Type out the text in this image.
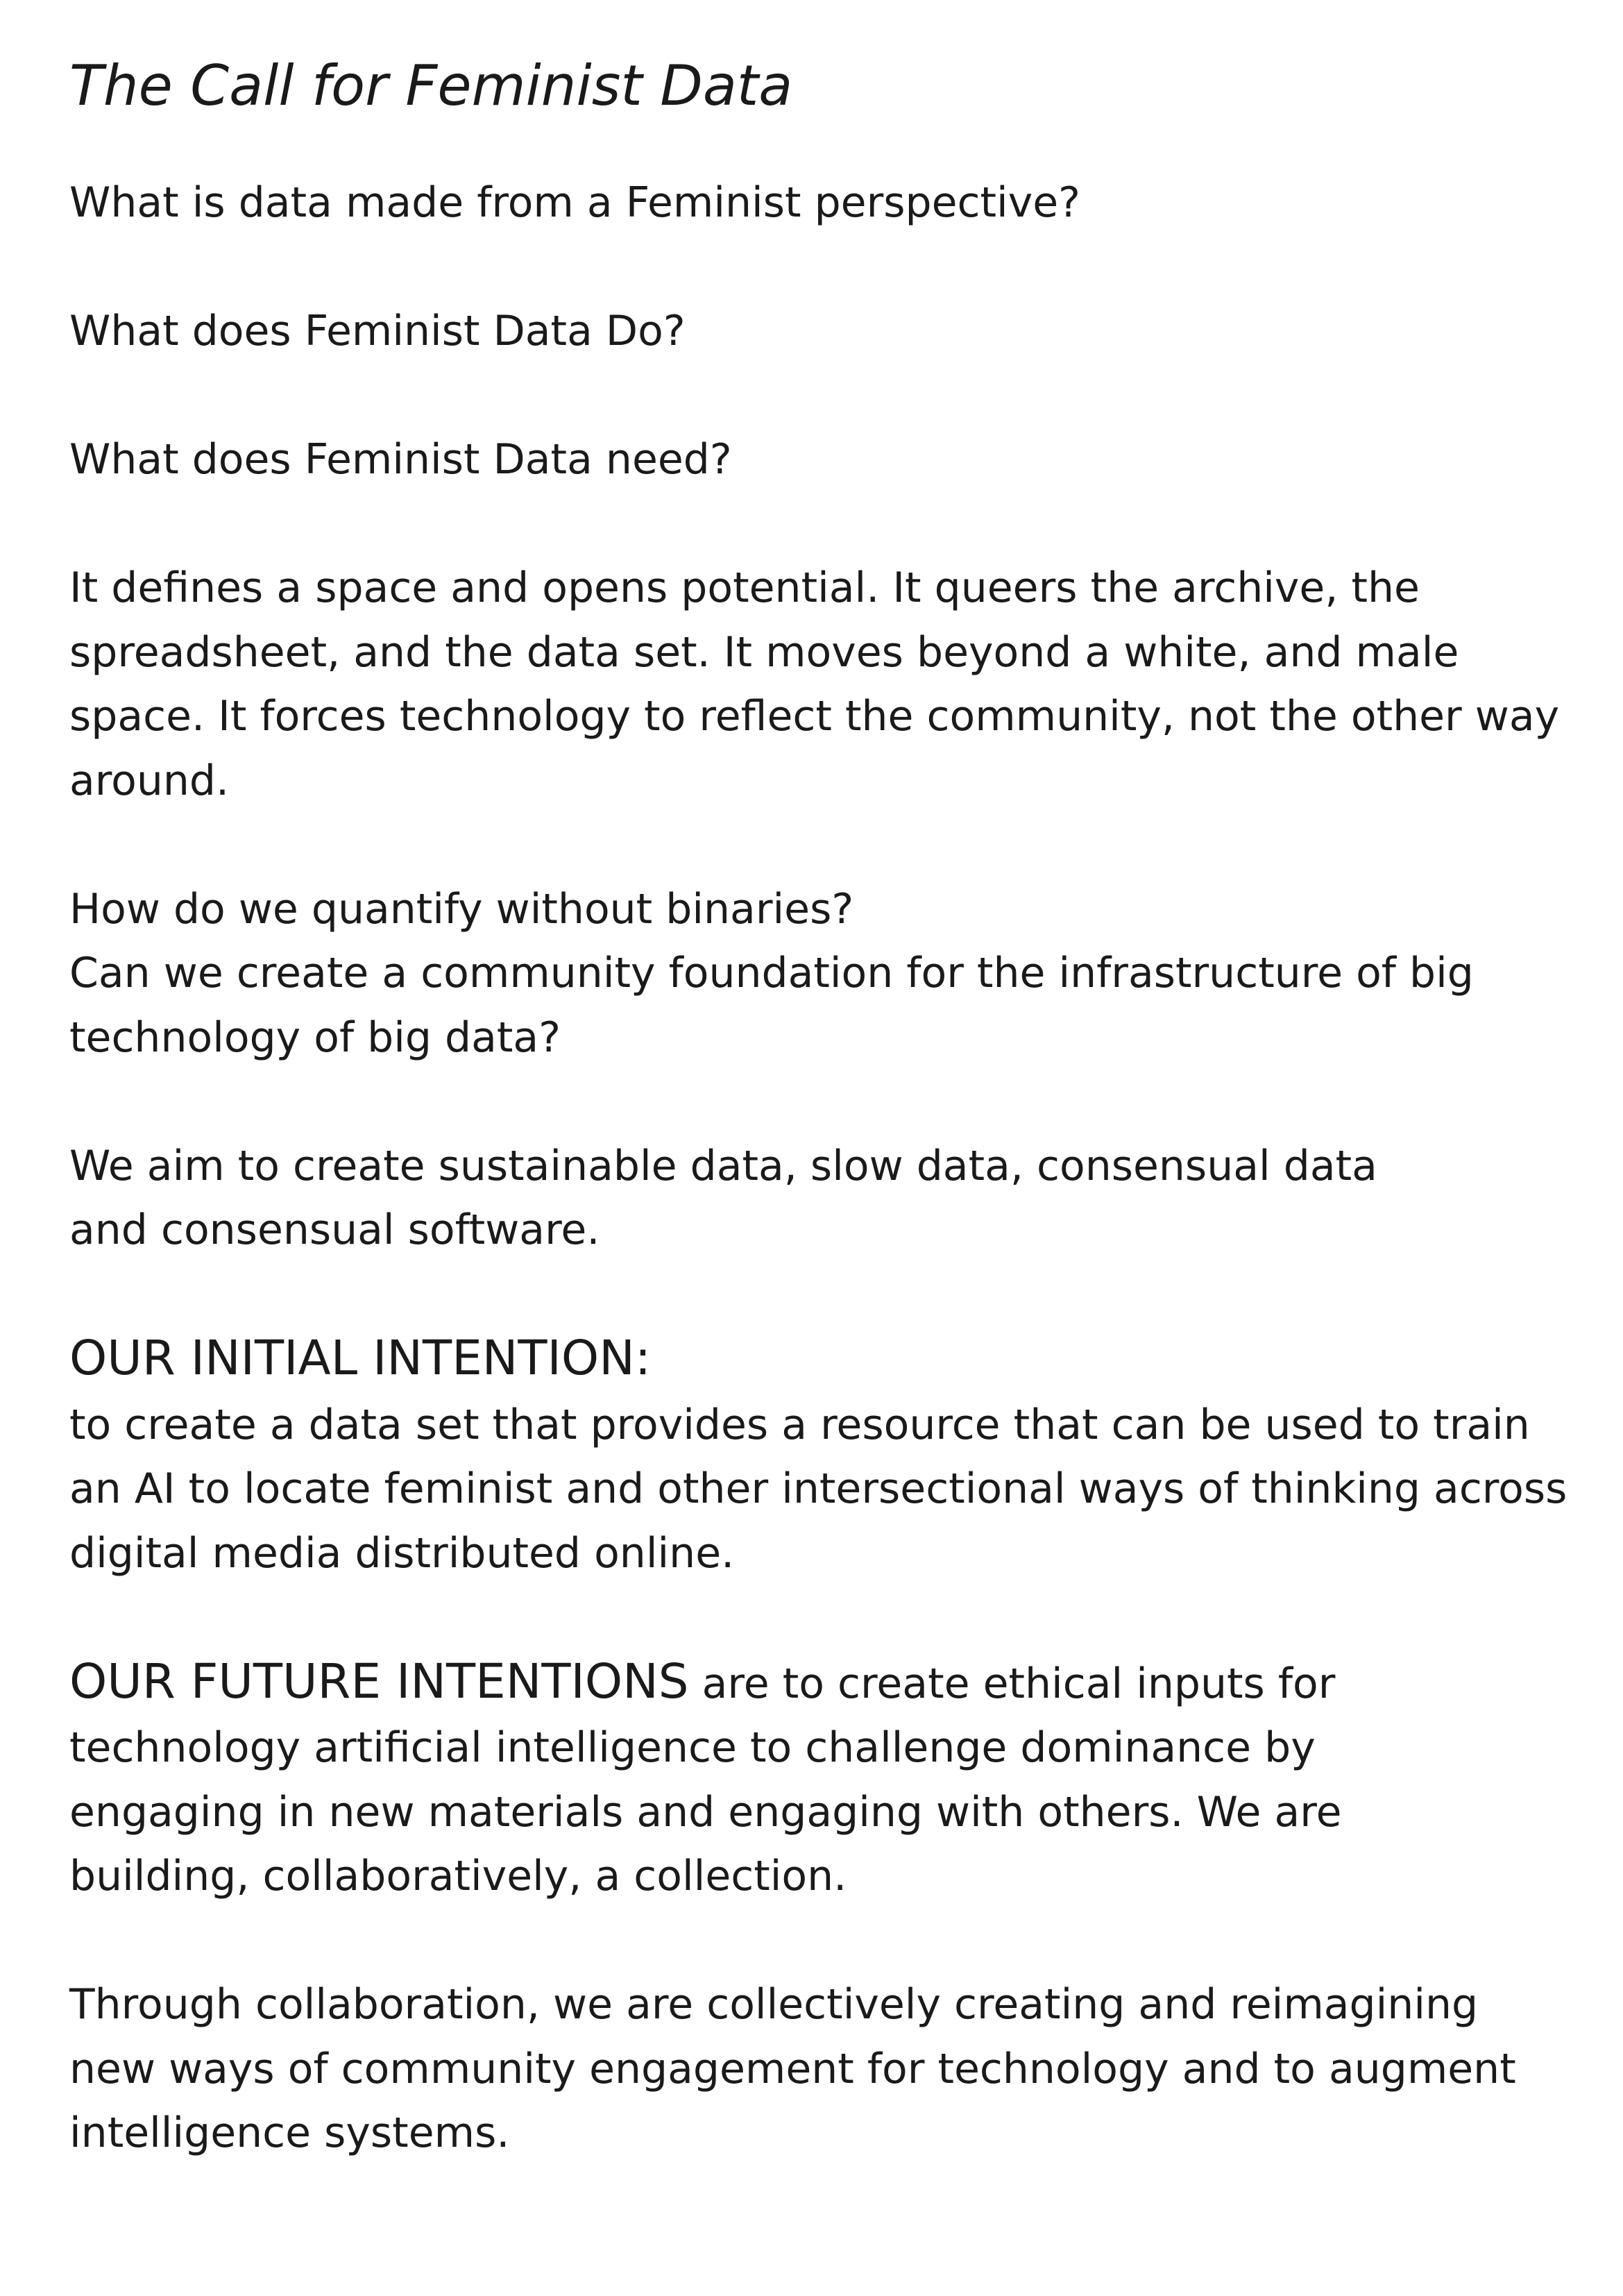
The Call for Feminist Data

What is data made from a Feminist perspective?

What does Feminist Data Do?

What does Feminist Data need?

It defines a space and opens potential. It queers the archive, the

spreadsheet, and the data set. It moves beyond a white, and male

space. It forces technology to reflect the community, not the other way

around.

How do we quantify without binaries?

Can we create a community foundation for the infrastructure of big

technology of big data?

We aim to create sustainable data, slow data, consensual data

and consensual software.

OUR INITIAL INTENTION:

to create a data set that provides a resource that can be used to train

an AI to locate feminist and other intersectional ways of thinking across

digital media distributed online.

OUR FUTURE INTENTIONS are to create ethical inputs for

technology artificial intelligence to challenge dominance by

engaging in new materials and engaging with others. We are

building, collaboratively, a collection.

Through collaboration, we are collectively creating and reimagining

new ways of community engagement for technology and to augment

intelligence systems.
